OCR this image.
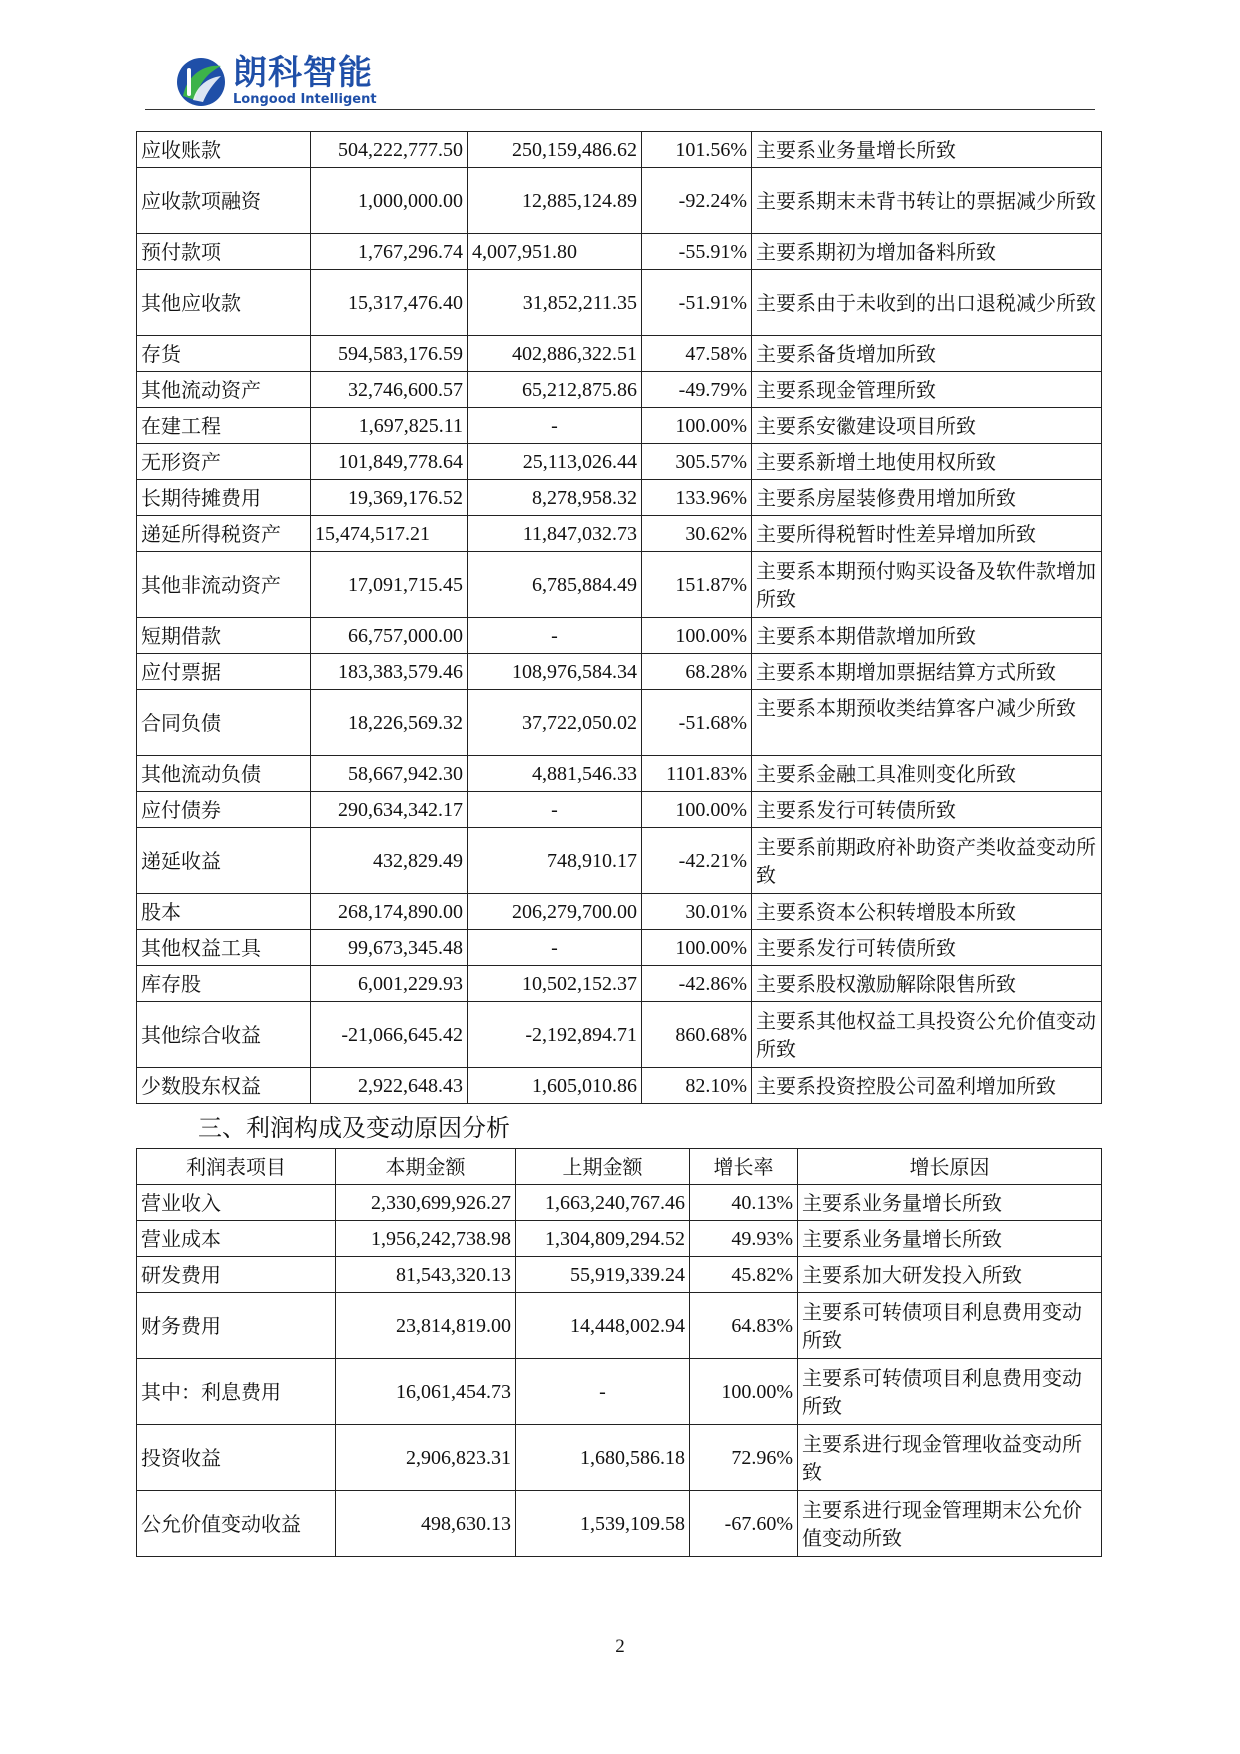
朗科智能
Longood Intelligent
应收账款	504,222,777.50	250,159,486.62	101.56%	主要系业务量增长所致
应收款项融资	1,000,000.00	12,885,124.89	-92.24%	主要系期末未背书转让的票据减少所致
预付款项	1,767,296.74	4,007,951.80	-55.91%	主要系期初为增加备料所致
其他应收款	15,317,476.40	31,852,211.35	-51.91%	主要系由于未收到的出口退税减少所致
存货	594,583,176.59	402,886,322.51	47.58%	主要系备货增加所致
其他流动资产	32,746,600.57	65,212,875.86	-49.79%	主要系现金管理所致
在建工程	1,697,825.11	-	100.00%	主要系安徽建设项目所致
无形资产	101,849,778.64	25,113,026.44	305.57%	主要系新增土地使用权所致
长期待摊费用	19,369,176.52	8,278,958.32	133.96%	主要系房屋装修费用增加所致
递延所得税资产	15,474,517.21	11,847,032.73	30.62%	主要所得税暂时性差异增加所致
其他非流动资产	17,091,715.45	6,785,884.49	151.87%	主要系本期预付购买设备及软件款增加所致
短期借款	66,757,000.00	-	100.00%	主要系本期借款增加所致
应付票据	183,383,579.46	108,976,584.34	68.28%	主要系本期增加票据结算方式所致
合同负债	18,226,569.32	37,722,050.02	-51.68%	主要系本期预收类结算客户减少所致
其他流动负债	58,667,942.30	4,881,546.33	1101.83%	主要系金融工具准则变化所致
应付债券	290,634,342.17	-	100.00%	主要系发行可转债所致
递延收益	432,829.49	748,910.17	-42.21%	主要系前期政府补助资产类收益变动所致
股本	268,174,890.00	206,279,700.00	30.01%	主要系资本公积转增股本所致
其他权益工具	99,673,345.48	-	100.00%	主要系发行可转债所致
库存股	6,001,229.93	10,502,152.37	-42.86%	主要系股权激励解除限售所致
其他综合收益	-21,066,645.42	-2,192,894.71	860.68%	主要系其他权益工具投资公允价值变动所致
少数股东权益	2,922,648.43	1,605,010.86	82.10%	主要系投资控股公司盈利增加所致
三、利润构成及变动原因分析
利润表项目	本期金额	上期金额	增长率	增长原因
营业收入	2,330,699,926.27	1,663,240,767.46	40.13%	主要系业务量增长所致
营业成本	1,956,242,738.98	1,304,809,294.52	49.93%	主要系业务量增长所致
研发费用	81,543,320.13	55,919,339.24	45.82%	主要系加大研发投入所致
财务费用	23,814,819.00	14,448,002.94	64.83%	主要系可转债项目利息费用变动所致
其中：利息费用	16,061,454.73	-	100.00%	主要系可转债项目利息费用变动所致
投资收益	2,906,823.31	1,680,586.18	72.96%	主要系进行现金管理收益变动所致
公允价值变动收益	498,630.13	1,539,109.58	-67.60%	主要系进行现金管理期末公允价值变动所致
2
